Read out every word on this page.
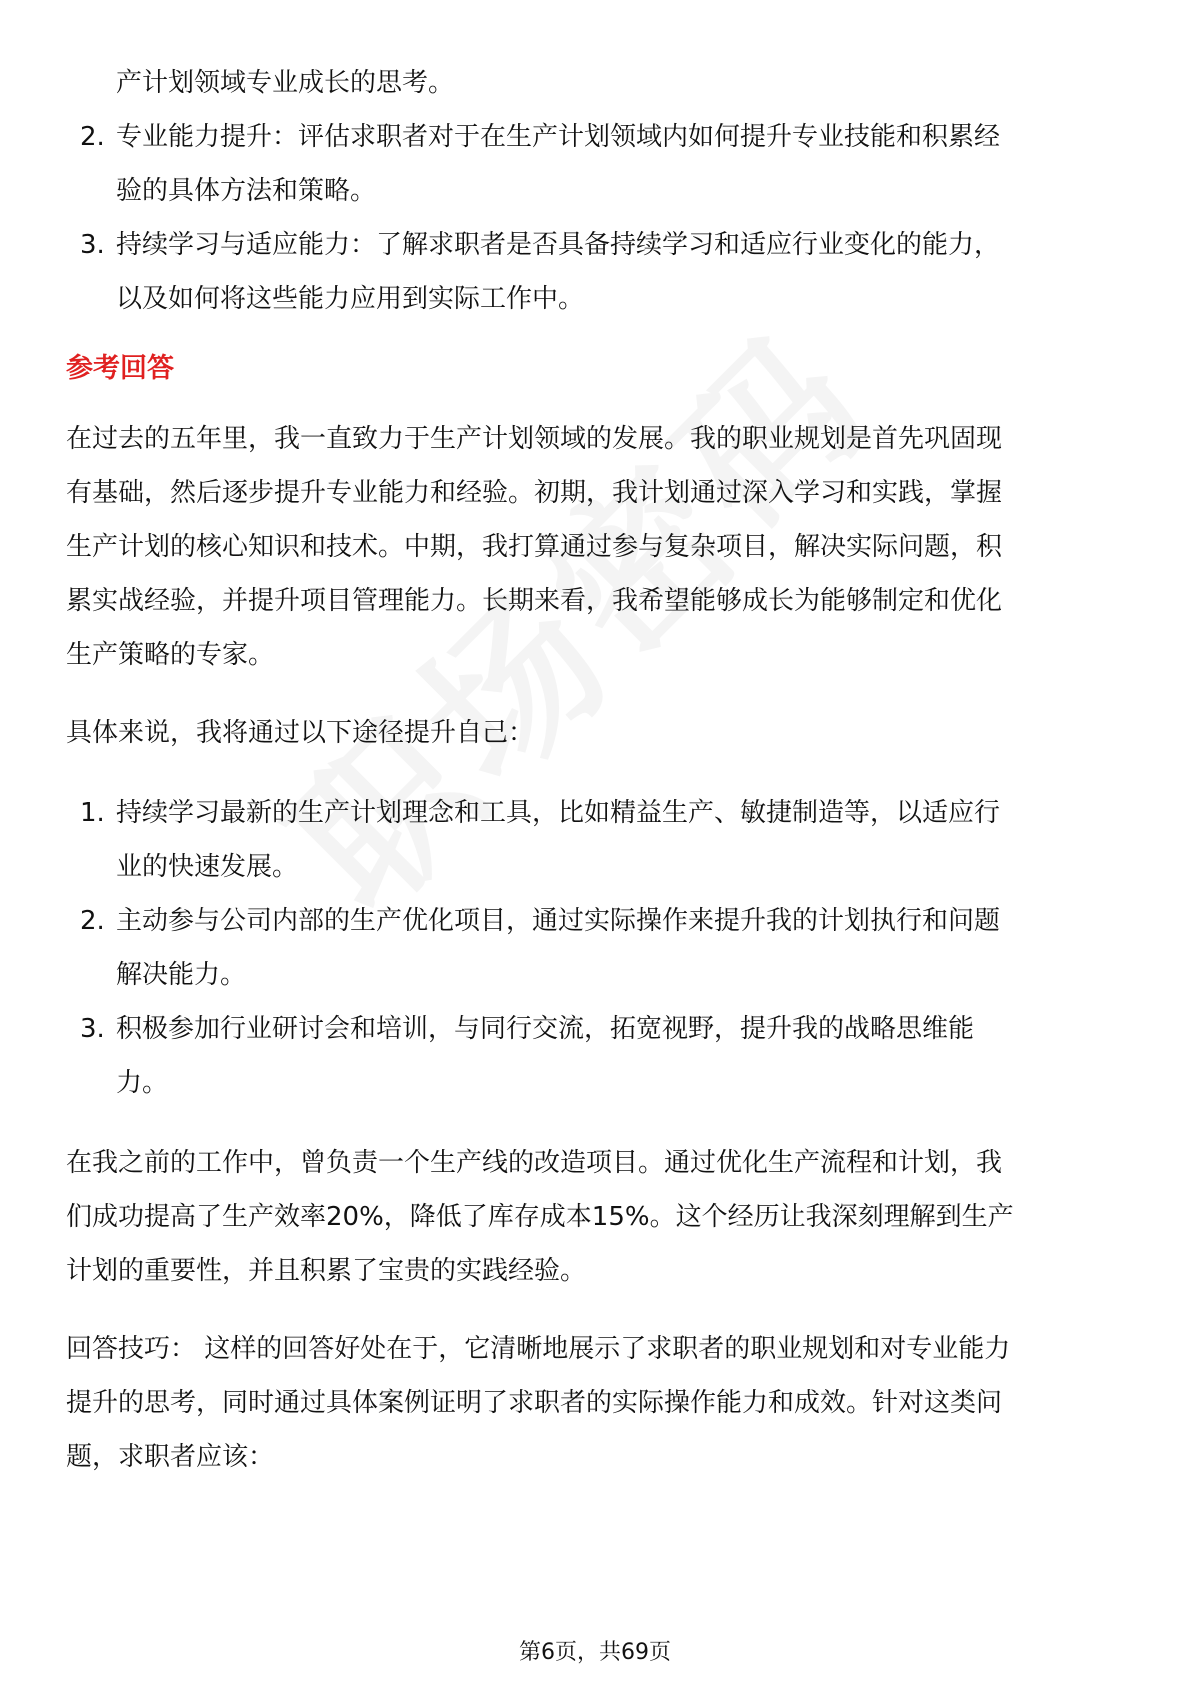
产计划领域专业成长的思考。
2. 专业能力提升：评估求职者对于在生产计划领域内如何提升专业技能和积累经
验的具体方法和策略。
3. 持续学习与适应能力：了解求职者是否具备持续学习和适应行业变化的能力，
以及如何将这些能力应用到实际工作中。
参考回答
在过去的五年里，我一直致力于生产计划领域的发展。我的职业规划是首先巩固现
有基础，然后逐步提升专业能力和经验。初期，我计划通过深入学习和实践，掌握
生产计划的核心知识和技术。中期，我打算通过参与复杂项目，解决实际问题，积
累实战经验，并提升项目管理能力。长期来看，我希望能够成长为能够制定和优化
生产策略的专家。
具体来说，我将通过以下途径提升自己：
1. 持续学习最新的生产计划理念和工具，比如精益生产、敏捷制造等，以适应行
业的快速发展。
2. 主动参与公司内部的生产优化项目，通过实际操作来提升我的计划执行和问题
解决能力。
3. 积极参加行业研讨会和培训，与同行交流，拓宽视野，提升我的战略思维能
力。
在我之前的工作中，曾负责一个生产线的改造项目。通过优化生产流程和计划，我
们成功提高了生产效率20%，降低了库存成本15%。这个经历让我深刻理解到生产
计划的重要性，并且积累了宝贵的实践经验。
回答技巧： 这样的回答好处在于，它清晰地展示了求职者的职业规划和对专业能力
提升的思考，同时通过具体案例证明了求职者的实际操作能力和成效。针对这类问
题，求职者应该：
第6页，共69页
